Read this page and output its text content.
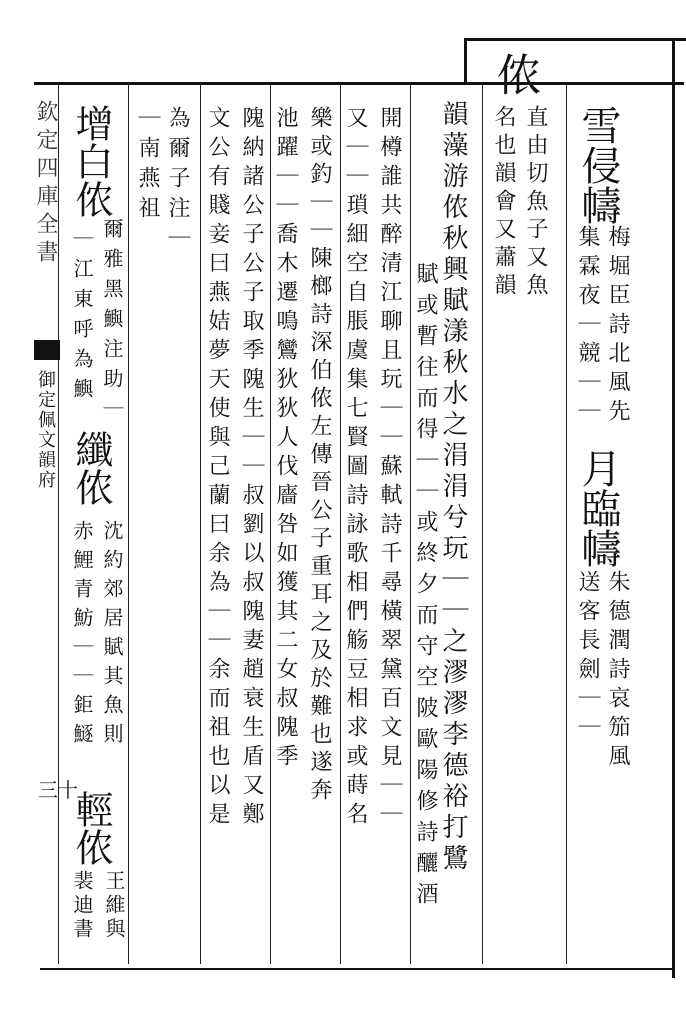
侬
直由切魚子又魚
名也韻會又蕭韻 雪侵幬
梅堀臣詩北風先
集霖夜｜競｜｜
月臨幬
朱德潤詩哀笳風
送客長劍｜｜
韻藻游侬秋興賦漾秋水之涓涓兮玩｜｜之漻漻李德裕打鷺
賦或暫往而得｜｜或終夕而守空陂歐陽修詩釃酒
開樽誰共醉清江聊且玩｜｜蘇軾詩千尋橫翠黛百文見｜｜
又｜｜瑣細空自脹虞集七賢圖詩詠歌相們觞豆相求或蒔名
樂或釣｜｜陳榔詩深伯侬左傳晉公子重耳之及於難也遂奔
池躍｜｜喬木遷鳴鸞狄狄人伐廧咎如獲其二女叔隗季
隗納諸公子公子取季隗生｜｜叔劉以叔隗妻趙衰生盾又鄭
文公有賤妾曰燕姞夢天使與己蘭曰余為｜｜余而祖也以是
為爾子注｜
｜南燕祖
增白侬
爾雅黑鱮注助｜
｜江東呼為鱮
纖侬
沈約郊居賦其魚則
赤鯉青魴｜｜鉅鱁
輕侬
王維與
裴迪書
欽定四庫全書
御定佩文韻府
三十
